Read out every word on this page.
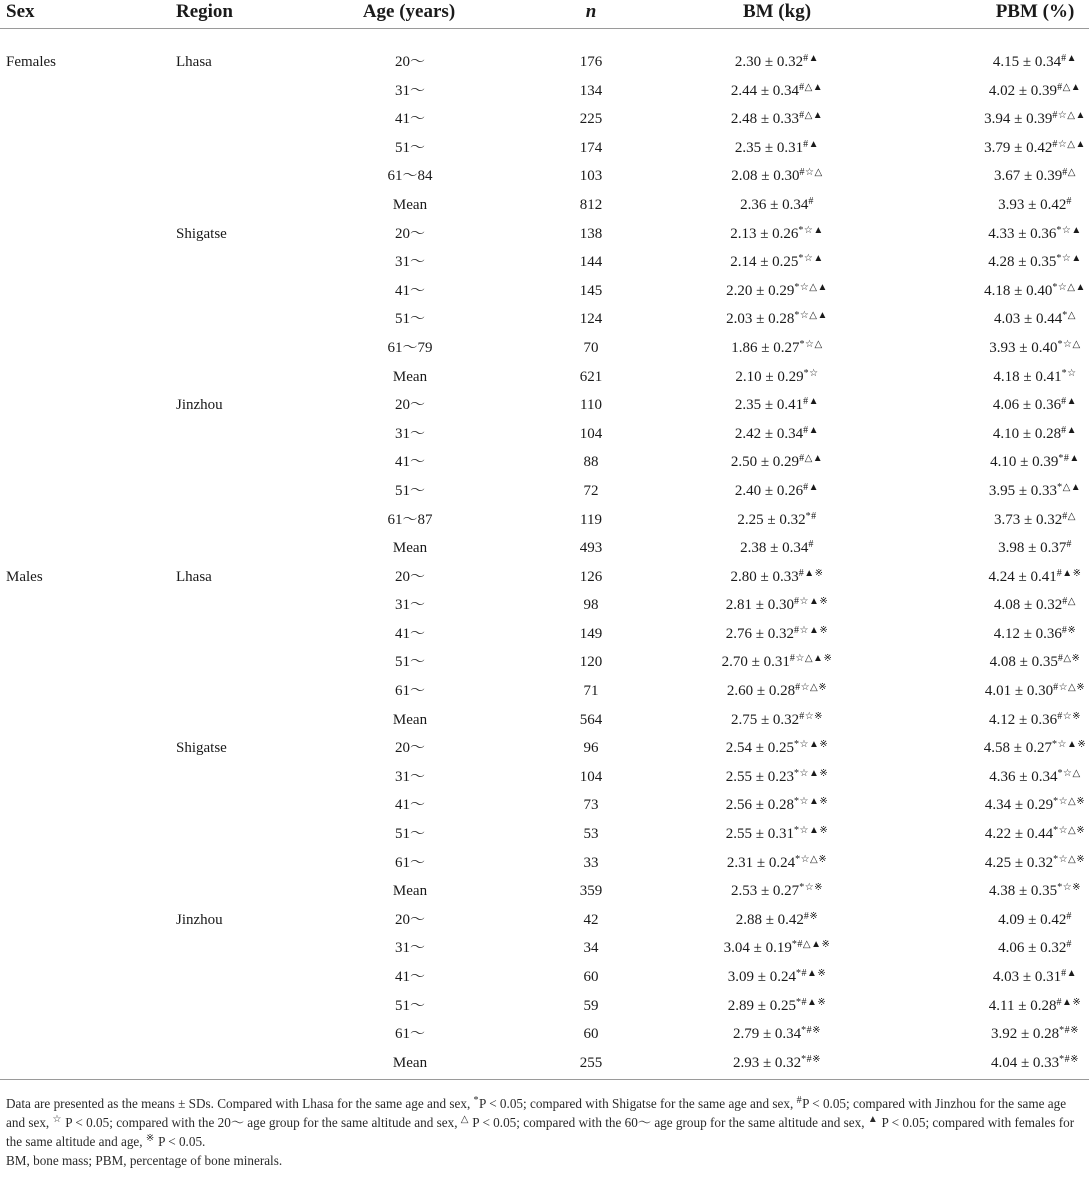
Sex	Region	Age (years)	n	BM (kg)	PBM (%)
Females	Lhasa	20～	176	2.30 ± 0.32#▲	4.15 ± 0.34#▲
31～	134	2.44 ± 0.34#△▲	4.02 ± 0.39#△▲
41～	225	2.48 ± 0.33#△▲	3.94 ± 0.39#☆△▲
51～	174	2.35 ± 0.31#▲	3.79 ± 0.42#☆△▲
61～84	103	2.08 ± 0.30#☆△	3.67 ± 0.39#△
Mean	812	2.36 ± 0.34#	3.93 ± 0.42#
Shigatse	20～	138	2.13 ± 0.26*☆▲	4.33 ± 0.36*☆▲
31～	144	2.14 ± 0.25*☆▲	4.28 ± 0.35*☆▲
41～	145	2.20 ± 0.29*☆△▲	4.18 ± 0.40*☆△▲
51～	124	2.03 ± 0.28*☆△▲	4.03 ± 0.44*△
61～79	70	1.86 ± 0.27*☆△	3.93 ± 0.40*☆△
Mean	621	2.10 ± 0.29*☆	4.18 ± 0.41*☆
Jinzhou	20～	110	2.35 ± 0.41#▲	4.06 ± 0.36#▲
31～	104	2.42 ± 0.34#▲	4.10 ± 0.28#▲
41～	88	2.50 ± 0.29#△▲	4.10 ± 0.39*#▲
51～	72	2.40 ± 0.26#▲	3.95 ± 0.33*△▲
61～87	119	2.25 ± 0.32*#	3.73 ± 0.32#△
Mean	493	2.38 ± 0.34#	3.98 ± 0.37#
Males	Lhasa	20～	126	2.80 ± 0.33#▲※	4.24 ± 0.41#▲※
31～	98	2.81 ± 0.30#☆▲※	4.08 ± 0.32#△
41～	149	2.76 ± 0.32#☆▲※	4.12 ± 0.36#※
51～	120	2.70 ± 0.31#☆△▲※	4.08 ± 0.35#△※
61～	71	2.60 ± 0.28#☆△※	4.01 ± 0.30#☆△※
Mean	564	2.75 ± 0.32#☆※	4.12 ± 0.36#☆※
Shigatse	20～	96	2.54 ± 0.25*☆▲※	4.58 ± 0.27*☆▲※
31～	104	2.55 ± 0.23*☆▲※	4.36 ± 0.34*☆△
41～	73	2.56 ± 0.28*☆▲※	4.34 ± 0.29*☆△※
51～	53	2.55 ± 0.31*☆▲※	4.22 ± 0.44*☆△※
61～	33	2.31 ± 0.24*☆△※	4.25 ± 0.32*☆△※
Mean	359	2.53 ± 0.27*☆※	4.38 ± 0.35*☆※
Jinzhou	20～	42	2.88 ± 0.42#※	4.09 ± 0.42#
31～	34	3.04 ± 0.19*#△▲※	4.06 ± 0.32#
41～	60	3.09 ± 0.24*#▲※	4.03 ± 0.31#▲
51～	59	2.89 ± 0.25*#▲※	4.11 ± 0.28#▲※
61～	60	2.79 ± 0.34*#※	3.92 ± 0.28*#※
Mean	255	2.93 ± 0.32*#※	4.04 ± 0.33*#※

Data are presented as the means ± SDs. Compared with Lhasa for the same age and sex, *P < 0.05; compared with Shigatse for the same age and sex, #P < 0.05; compared with Jinzhou for the same age and sex, ☆ P < 0.05; compared with the 20～ age group for the same altitude and sex, △ P < 0.05; compared with the 60～ age group for the same altitude and sex, ▲ P < 0.05; compared with females for the same altitude and age, ※ P < 0.05.

BM, bone mass; PBM, percentage of bone minerals.
